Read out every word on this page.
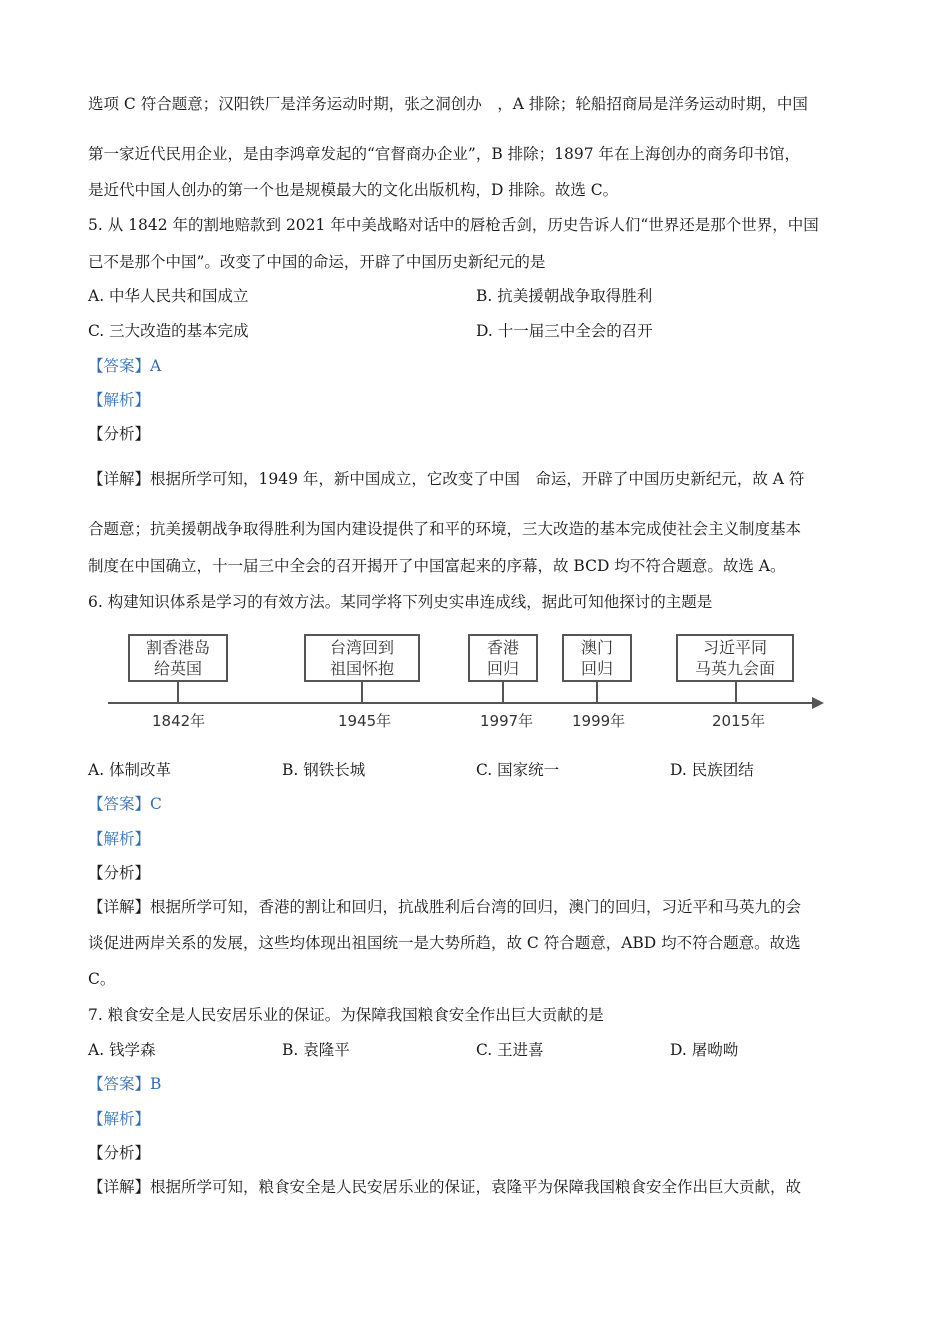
选项 C 符合题意；汉阳铁厂是洋务运动时期，张之洞创办　，A 排除；轮船招商局是洋务运动时期，中国
第一家近代民用企业，是由李鸿章发起的“官督商办企业”，B 排除；1897 年在上海创办的商务印书馆，
是近代中国人创办的第一个也是规模最大的文化出版机构，D 排除。故选 C。
5. 从 1842 年的割地赔款到 2021 年中美战略对话中的唇枪舌剑，历史告诉人们“世界还是那个世界，中国
已不是那个中国”。改变了中国的命运，开辟了中国历史新纪元的是
A. 中华人民共和国成立	B. 抗美援朝战争取得胜利
C. 三大改造的基本完成	D. 十一届三中全会的召开
【答案】A
【解析】
【分析】
【详解】根据所学可知，1949 年，新中国成立，它改变了中国　命运，开辟了中国历史新纪元，故 A 符
合题意；抗美援朝战争取得胜利为国内建设提供了和平的环境，三大改造的基本完成使社会主义制度基本
制度在中国确立，十一届三中全会的召开揭开了中国富起来的序幕，故 BCD 均不符合题意。故选 A。
6. 构建知识体系是学习的有效方法。某同学将下列史实串连成线，据此可知他探讨的主题是
割香港岛
给英国
1842年
台湾回到
祖国怀抱
1945年
香港
回归
1997年
澳门
回归
1999年
习近平同
马英九会面
2015年
A. 体制改革	B. 钢铁长城	C. 国家统一	D. 民族团结
【答案】C
【解析】
【分析】
【详解】根据所学可知，香港的割让和回归，抗战胜利后台湾的回归，澳门的回归，习近平和马英九的会
谈促进两岸关系的发展，这些均体现出祖国统一是大势所趋，故 C 符合题意，ABD 均不符合题意。故选
C。
7. 粮食安全是人民安居乐业的保证。为保障我国粮食安全作出巨大贡献的是
A. 钱学森	B. 袁隆平	C. 王进喜	D. 屠呦呦
【答案】B
【解析】
【分析】
【详解】根据所学可知，粮食安全是人民安居乐业的保证，袁隆平为保障我国粮食安全作出巨大贡献，故
